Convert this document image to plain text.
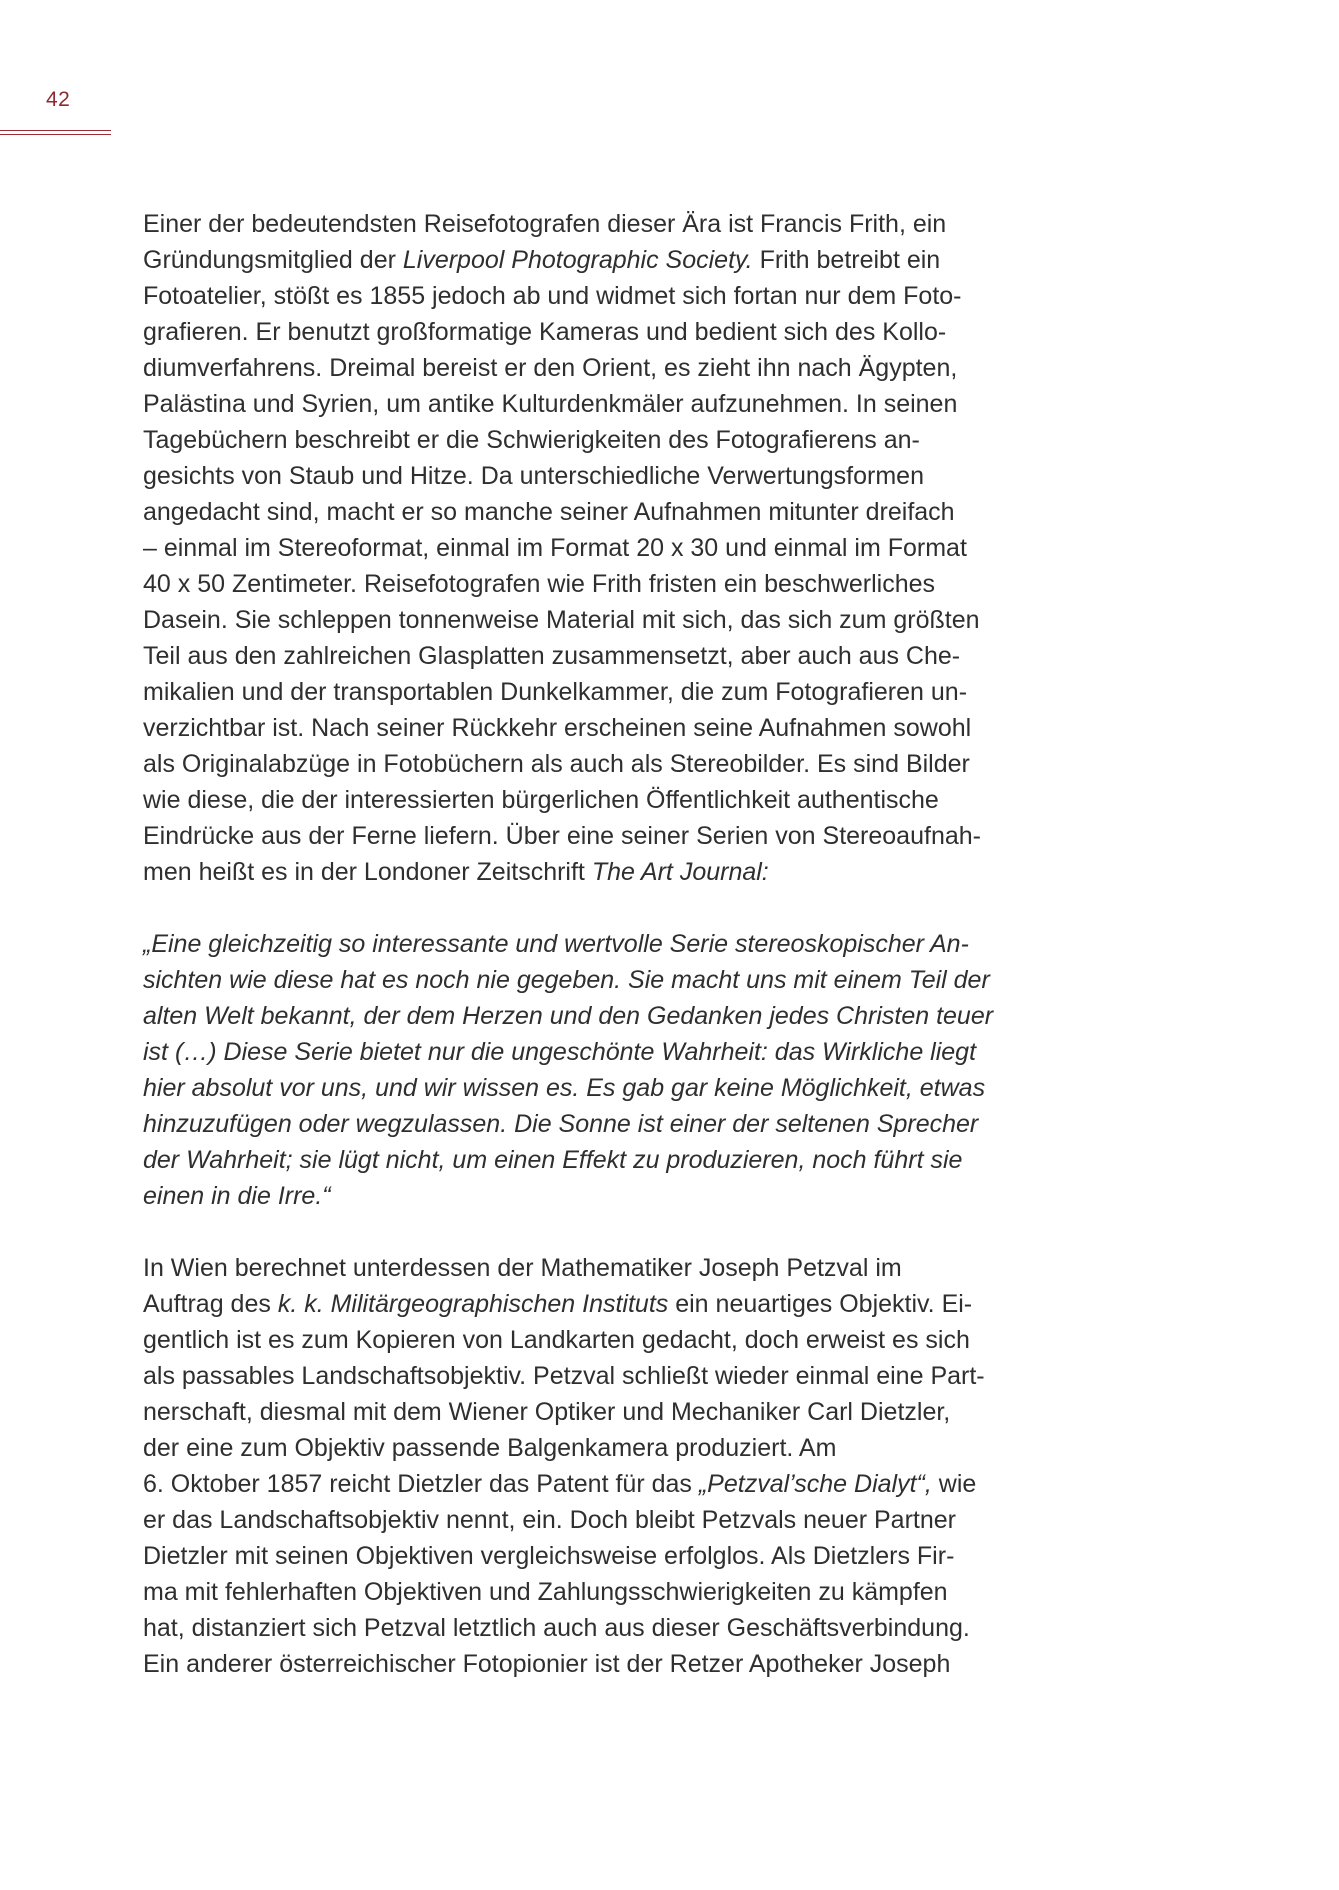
42
Einer der bedeutendsten Reisefotografen dieser Ära ist Francis Frith, ein
Gründungsmitglied der Liverpool Photographic Society. Frith betreibt ein
Fotoatelier, stößt es 1855 jedoch ab und widmet sich fortan nur dem Foto-
grafieren. Er benutzt großformatige Kameras und bedient sich des Kollo-
diumverfahrens. Dreimal bereist er den Orient, es zieht ihn nach Ägypten,
Palästina und Syrien, um antike Kulturdenkmäler aufzunehmen. In seinen
Tagebüchern beschreibt er die Schwierigkeiten des Fotografierens an-
gesichts von Staub und Hitze. Da unterschiedliche Verwertungsformen
angedacht sind, macht er so manche seiner Aufnahmen mitunter dreifach
– einmal im Stereoformat, einmal im Format 20 x 30 und einmal im Format
40 x 50 Zentimeter. Reisefotografen wie Frith fristen ein beschwerliches
Dasein. Sie schleppen tonnenweise Material mit sich, das sich zum größten
Teil aus den zahlreichen Glasplatten zusammensetzt, aber auch aus Che-
mikalien und der transportablen Dunkelkammer, die zum Fotografieren un-
verzichtbar ist. Nach seiner Rückkehr erscheinen seine Aufnahmen sowohl
als Originalabzüge in Fotobüchern als auch als Stereobilder. Es sind Bilder
wie diese, die der interessierten bürgerlichen Öffentlichkeit authentische
Eindrücke aus der Ferne liefern. Über eine seiner Serien von Stereoaufnah-
men heißt es in der Londoner Zeitschrift The Art Journal:
„Eine gleichzeitig so interessante und wertvolle Serie stereoskopischer An-
sichten wie diese hat es noch nie gegeben. Sie macht uns mit einem Teil der
alten Welt bekannt, der dem Herzen und den Gedanken jedes Christen teuer
ist (…) Diese Serie bietet nur die ungeschönte Wahrheit: das Wirkliche liegt
hier absolut vor uns, und wir wissen es. Es gab gar keine Möglichkeit, etwas
hinzuzufügen oder wegzulassen. Die Sonne ist einer der seltenen Sprecher
der Wahrheit; sie lügt nicht, um einen Effekt zu produzieren, noch führt sie
einen in die Irre.“
In Wien berechnet unterdessen der Mathematiker Joseph Petzval im
Auftrag des k. k. Militärgeographischen Instituts ein neuartiges Objektiv. Ei-
gentlich ist es zum Kopieren von Landkarten gedacht, doch erweist es sich
als passables Landschaftsobjektiv. Petzval schließt wieder einmal eine Part-
nerschaft, diesmal mit dem Wiener Optiker und Mechaniker Carl Dietzler,
der eine zum Objektiv passende Balgenkamera produziert. Am
6. Oktober 1857 reicht Dietzler das Patent für das „Petzval’sche Dialyt“, wie
er das Landschaftsobjektiv nennt, ein. Doch bleibt Petzvals neuer Partner
Dietzler mit seinen Objektiven vergleichsweise erfolglos. Als Dietzlers Fir-
ma mit fehlerhaften Objektiven und Zahlungsschwierigkeiten zu kämpfen
hat, distanziert sich Petzval letztlich auch aus dieser Geschäftsverbindung.
Ein anderer österreichischer Fotopionier ist der Retzer Apotheker Joseph
